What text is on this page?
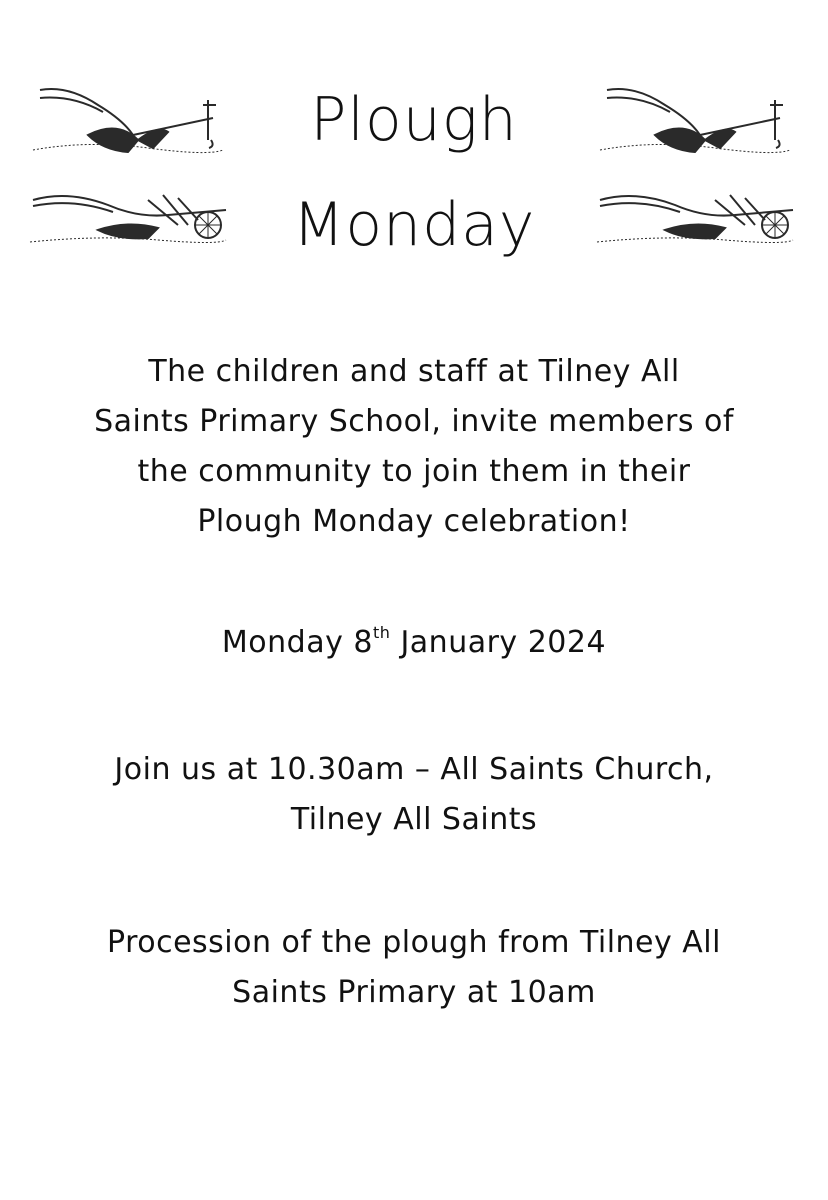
Plough
Monday
The children and staff at Tilney All
Saints Primary School, invite members of
the community to join them in their
Plough Monday celebration!
Monday 8th January 2024
Join us at 10.30am – All Saints Church,
Tilney All Saints
Procession of the plough from Tilney All
Saints Primary at 10am
